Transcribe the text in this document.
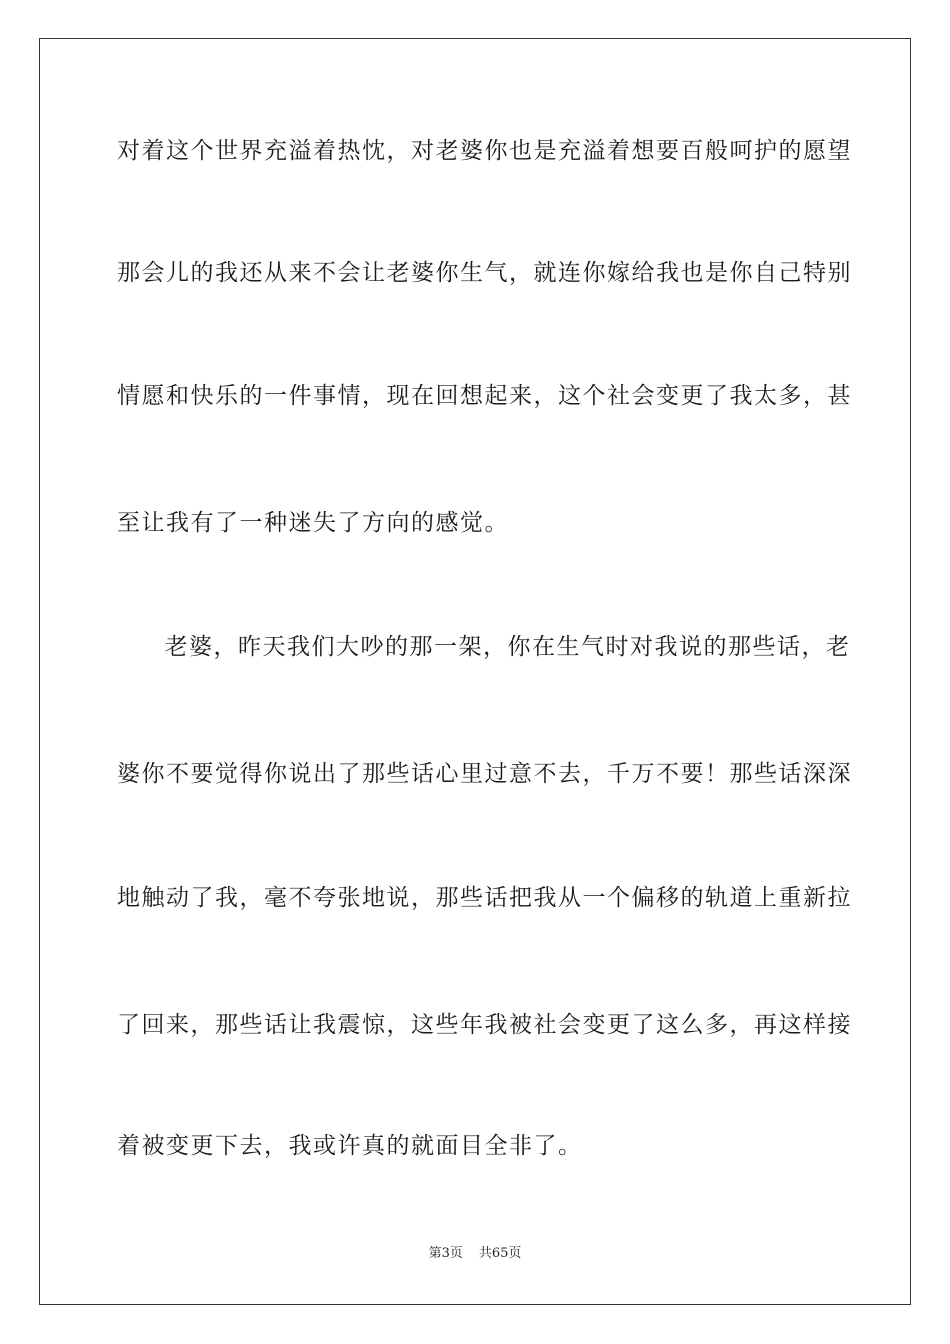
对着这个世界充溢着热忱，对老婆你也是充溢着想要百般呵护的愿望
那会儿的我还从来不会让老婆你生气，就连你嫁给我也是你自己特别
情愿和快乐的一件事情，现在回想起来，这个社会变更了我太多，甚
至让我有了一种迷失了方向的感觉。
　老婆，昨天我们大吵的那一架，你在生气时对我说的那些话，老
婆你不要觉得你说出了那些话心里过意不去，千万不要！那些话深深
地触动了我，毫不夸张地说，那些话把我从一个偏移的轨道上重新拉
了回来，那些话让我震惊，这些年我被社会变更了这么多，再这样接
着被变更下去，我或许真的就面目全非了。
第3页 共65页
